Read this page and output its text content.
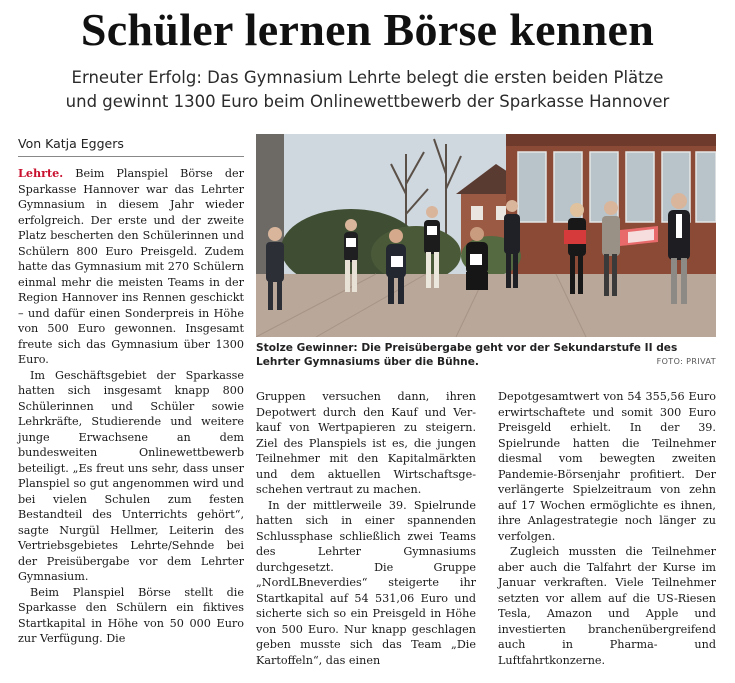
Schüler lernen Börse kennen
Erneuter Erfolg: Das Gymnasium Lehrte belegt die ersten beiden Plätze
und gewinnt 1300 Euro beim Onlinewettbewerb der Sparkasse Hannover
Von Katja Eggers

Lehrte. Beim Planspiel Börse der Sparkasse Hannover war das Lehrter Gymnasium in diesem Jahr wieder erfolgreich. Der erste und der zweite Platz bescherten den Schülerinnen und Schülern 800 Euro Preisgeld. Zudem hatte das Gymnasium mit 270 Schülern einmal mehr die meisten Teams in der Region Hannover ins Rennen geschickt – und dafür einen Sonderpreis in Höhe von 500 Euro gewonnen. Insgesamt freute sich das Gymnasium über 1300 Euro.

Im Geschäftsgebiet der Sparkasse hatten sich insgesamt knapp 800 Schülerinnen und Schüler sowie Lehrkräfte, Studierende und weitere junge Erwachsene an dem bundesweiten Onlinewettbewerb beteiligt. „Es freut uns sehr, dass unser Planspiel so gut angenommen wird und bei vielen Schulen zum festen Bestandteil des Unterrichts gehört“, sagte Nurgül Hellmer, Leiterin des Vertriebsgebietes Lehrte/Sehnde bei der Preisübergabe vor dem Lehrter Gymnasium.

Beim Planspiel Börse stellt die Sparkasse den Schülern ein fiktives Startkapital in Höhe von 50 000 Euro zur Verfügung. Die

Stolze Gewinner: Die Preisübergabe geht vor der Sekundarstufe II des Lehrter Gymnasiums über die Bühne.	FOTO: PRIVAT

Gruppen versuchen dann, ihren Depotwert durch den Kauf und Verkauf von Wertpapieren zu steigern. Ziel des Planspiels ist es, die jungen Teilnehmer mit den Kapitalmärkten und dem aktuellen Wirtschaftsgeschehen vertraut zu machen.

In der mittlerweile 39. Spielrunde hatten sich in einer spannenden Schlussphase schließlich zwei Teams des Lehrter Gymnasiums durchgesetzt. Die Gruppe „NordLBneverdies“ steigerte ihr Startkapital auf 54 531,06 Euro und sicherte sich so ein Preisgeld in Höhe von 500 Euro. Nur knapp geschlagen geben musste sich das Team „Die Kartoffeln“, das einen

Depotgesamtwert von 54 355,56 Euro erwirtschaftete und somit 300 Euro Preisgeld erhielt. In der 39. Spielrunde hatten die Teilnehmer diesmal vom bewegten zweiten Pandemie-Börsenjahr profitiert. Der verlängerte Spielzeitraum von zehn auf 17 Wochen ermöglichte es ihnen, ihre Anlagestrategie noch länger zu verfolgen.

Zugleich mussten die Teilnehmer aber auch die Talfahrt der Kurse im Januar verkraften. Viele Teilnehmer setzten vor allem auf die US-Riesen Tesla, Amazon und Apple und investierten branchenübergreifend auch in Pharma- und Luftfahrtkonzerne.
